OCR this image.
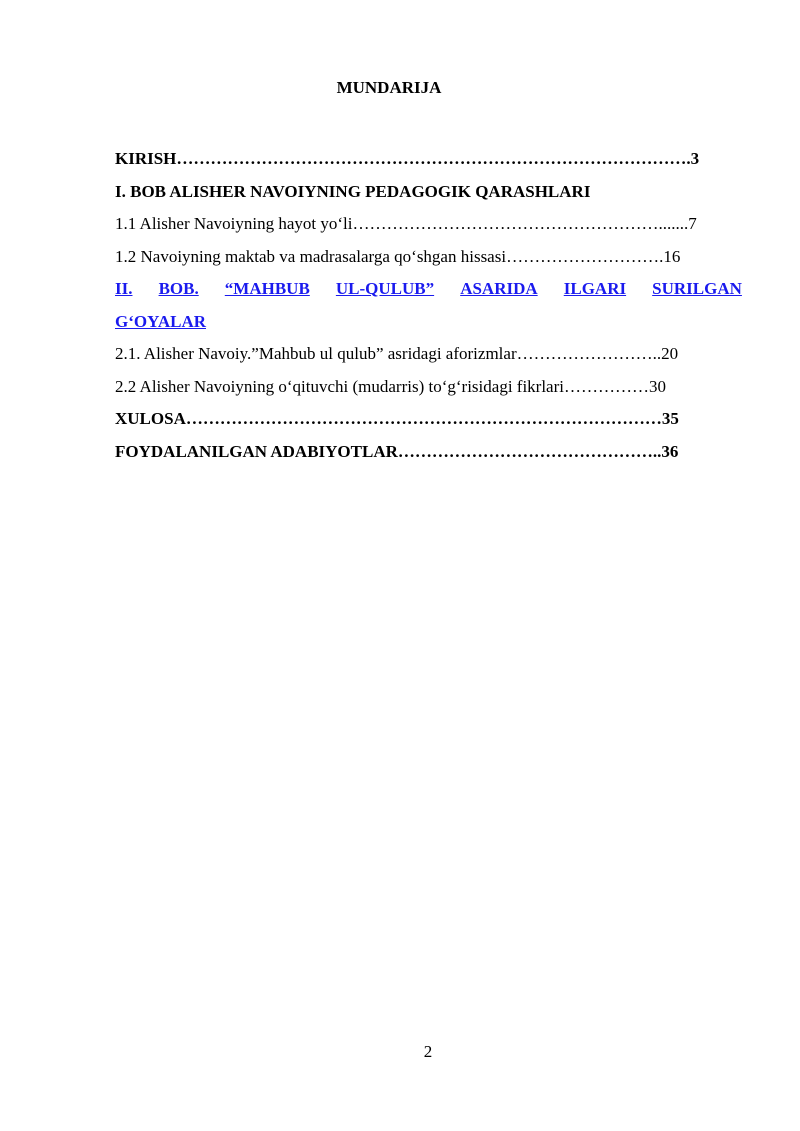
MUNDARIJA
KIRISH……………………………………………………………………………….3
I. BOB ALISHER NAVOIYNING PEDAGOGIK QARASHLARI
1.1 Alisher Navoiyning hayot yo‘li……………………………………………….......7
1.2 Navoiyning maktab va madrasalarga qo‘shgan hissasi……………………….16
II. BOB. “MAHBUB UL-QULUB” ASARIDA ILGARI SURILGAN
G‘OYALAR
2.1. Alisher Navoiy.”Mahbub ul qulub” asridagi aforizmlar……………………..20
2.2 Alisher Navoiyning o‘qituvchi (mudarris) to‘g‘risidagi fikrlari……………30
XULOSA…………………………………………………………………………35
FOYDALANILGAN ADABIYOTLAR………………………………………..36
2
